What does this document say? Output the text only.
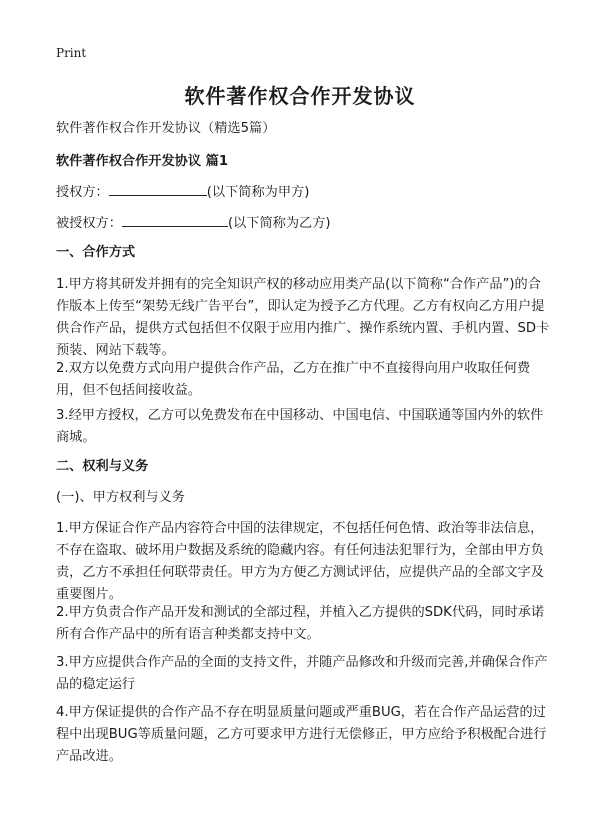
Print
软件著作权合作开发协议

软件著作权合作开发协议（精选5篇）

软件著作权合作开发协议 篇1

授权方：	(以下简称为甲方)

被授权方：	(以下简称为乙方)

一、合作方式

1.甲方将其研发并拥有的完全知识产权的移动应用类产品(以下简称“合作产品”)的合作版本上传至“架势无线广告平台”，即认定为授予乙方代理。乙方有权向乙方用户提供合作产品，提供方式包括但不仅限于应用内推广、操作系统内置、手机内置、SD卡预装、网站下载等。

2.双方以免费方式向用户提供合作产品，乙方在推广中不直接得向用户收取任何费用，但不包括间接收益。

3.经甲方授权，乙方可以免费发布在中国移动、中国电信、中国联通等国内外的软件商城。

二、权利与义务

(一)、甲方权利与义务

1.甲方保证合作产品内容符合中国的法律规定，不包括任何色情、政治等非法信息，不存在盗取、破坏用户数据及系统的隐藏内容。有任何违法犯罪行为，全部由甲方负责，乙方不承担任何联带责任。甲方为方便乙方测试评估，应提供产品的全部文字及重要图片。

2.甲方负责合作产品开发和测试的全部过程，并植入乙方提供的SDK代码，同时承诺所有合作产品中的所有语言种类都支持中文。

3.甲方应提供合作产品的全面的支持文件，并随产品修改和升级而完善,并确保合作产品的稳定运行

4.甲方保证提供的合作产品不存在明显质量问题或严重BUG，若在合作产品运营的过程中出现BUG等质量问题，乙方可要求甲方进行无偿修正，甲方应给予积极配合进行产品改进。
